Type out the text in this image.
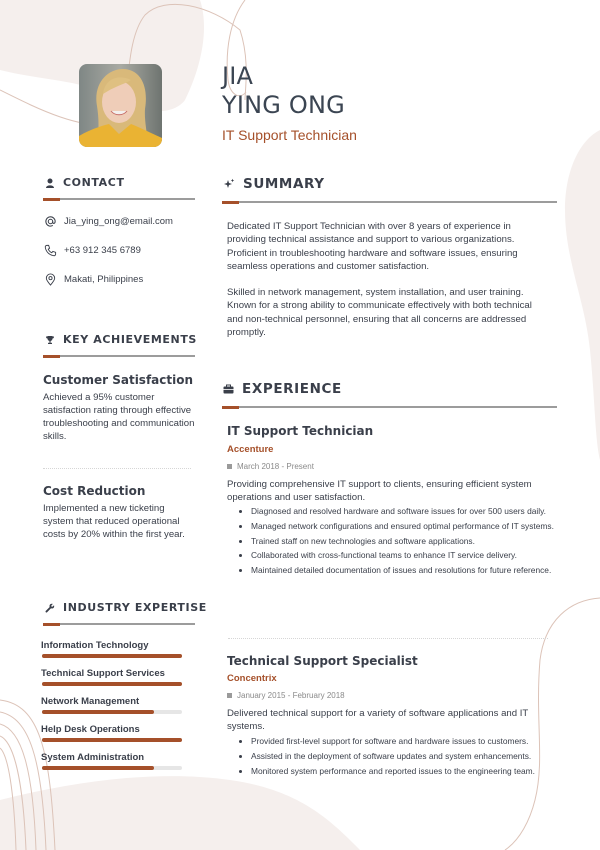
JIA
YING ONG
IT Support Technician
CONTACT
Jia_ying_ong@email.com
+63 912 345 6789
Makati, Philippines
KEY ACHIEVEMENTS
Customer Satisfaction
Achieved a 95% customer satisfaction rating through effective troubleshooting and communication skills.
Cost Reduction
Implemented a new ticketing system that reduced operational costs by 20% within the first year.
INDUSTRY EXPERTISE
Information Technology
Technical Support Services
Network Management
Help Desk Operations
System Administration
SUMMARY

Dedicated IT Support Technician with over 8 years of experience in providing technical assistance and support to various organizations. Proficient in troubleshooting hardware and software issues, ensuring seamless operations and customer satisfaction.

Skilled in network management, system installation, and user training. Known for a strong ability to communicate effectively with both technical and non-technical personnel, ensuring that all concerns are addressed promptly.

EXPERIENCE
IT Support Technician
Accenture
March 2018 - Present
Providing comprehensive IT support to clients, ensuring efficient system operations and user satisfaction.
Diagnosed and resolved hardware and software issues for over 500 users daily.
Managed network configurations and ensured optimal performance of IT systems.
Trained staff on new technologies and software applications.
Collaborated with cross-functional teams to enhance IT service delivery.
Maintained detailed documentation of issues and resolutions for future reference.
Technical Support Specialist
Concentrix
January 2015 - February 2018
Delivered technical support for a variety of software applications and IT systems.
Provided first-level support for software and hardware issues to customers.
Assisted in the deployment of software updates and system enhancements.
Monitored system performance and reported issues to the engineering team.
